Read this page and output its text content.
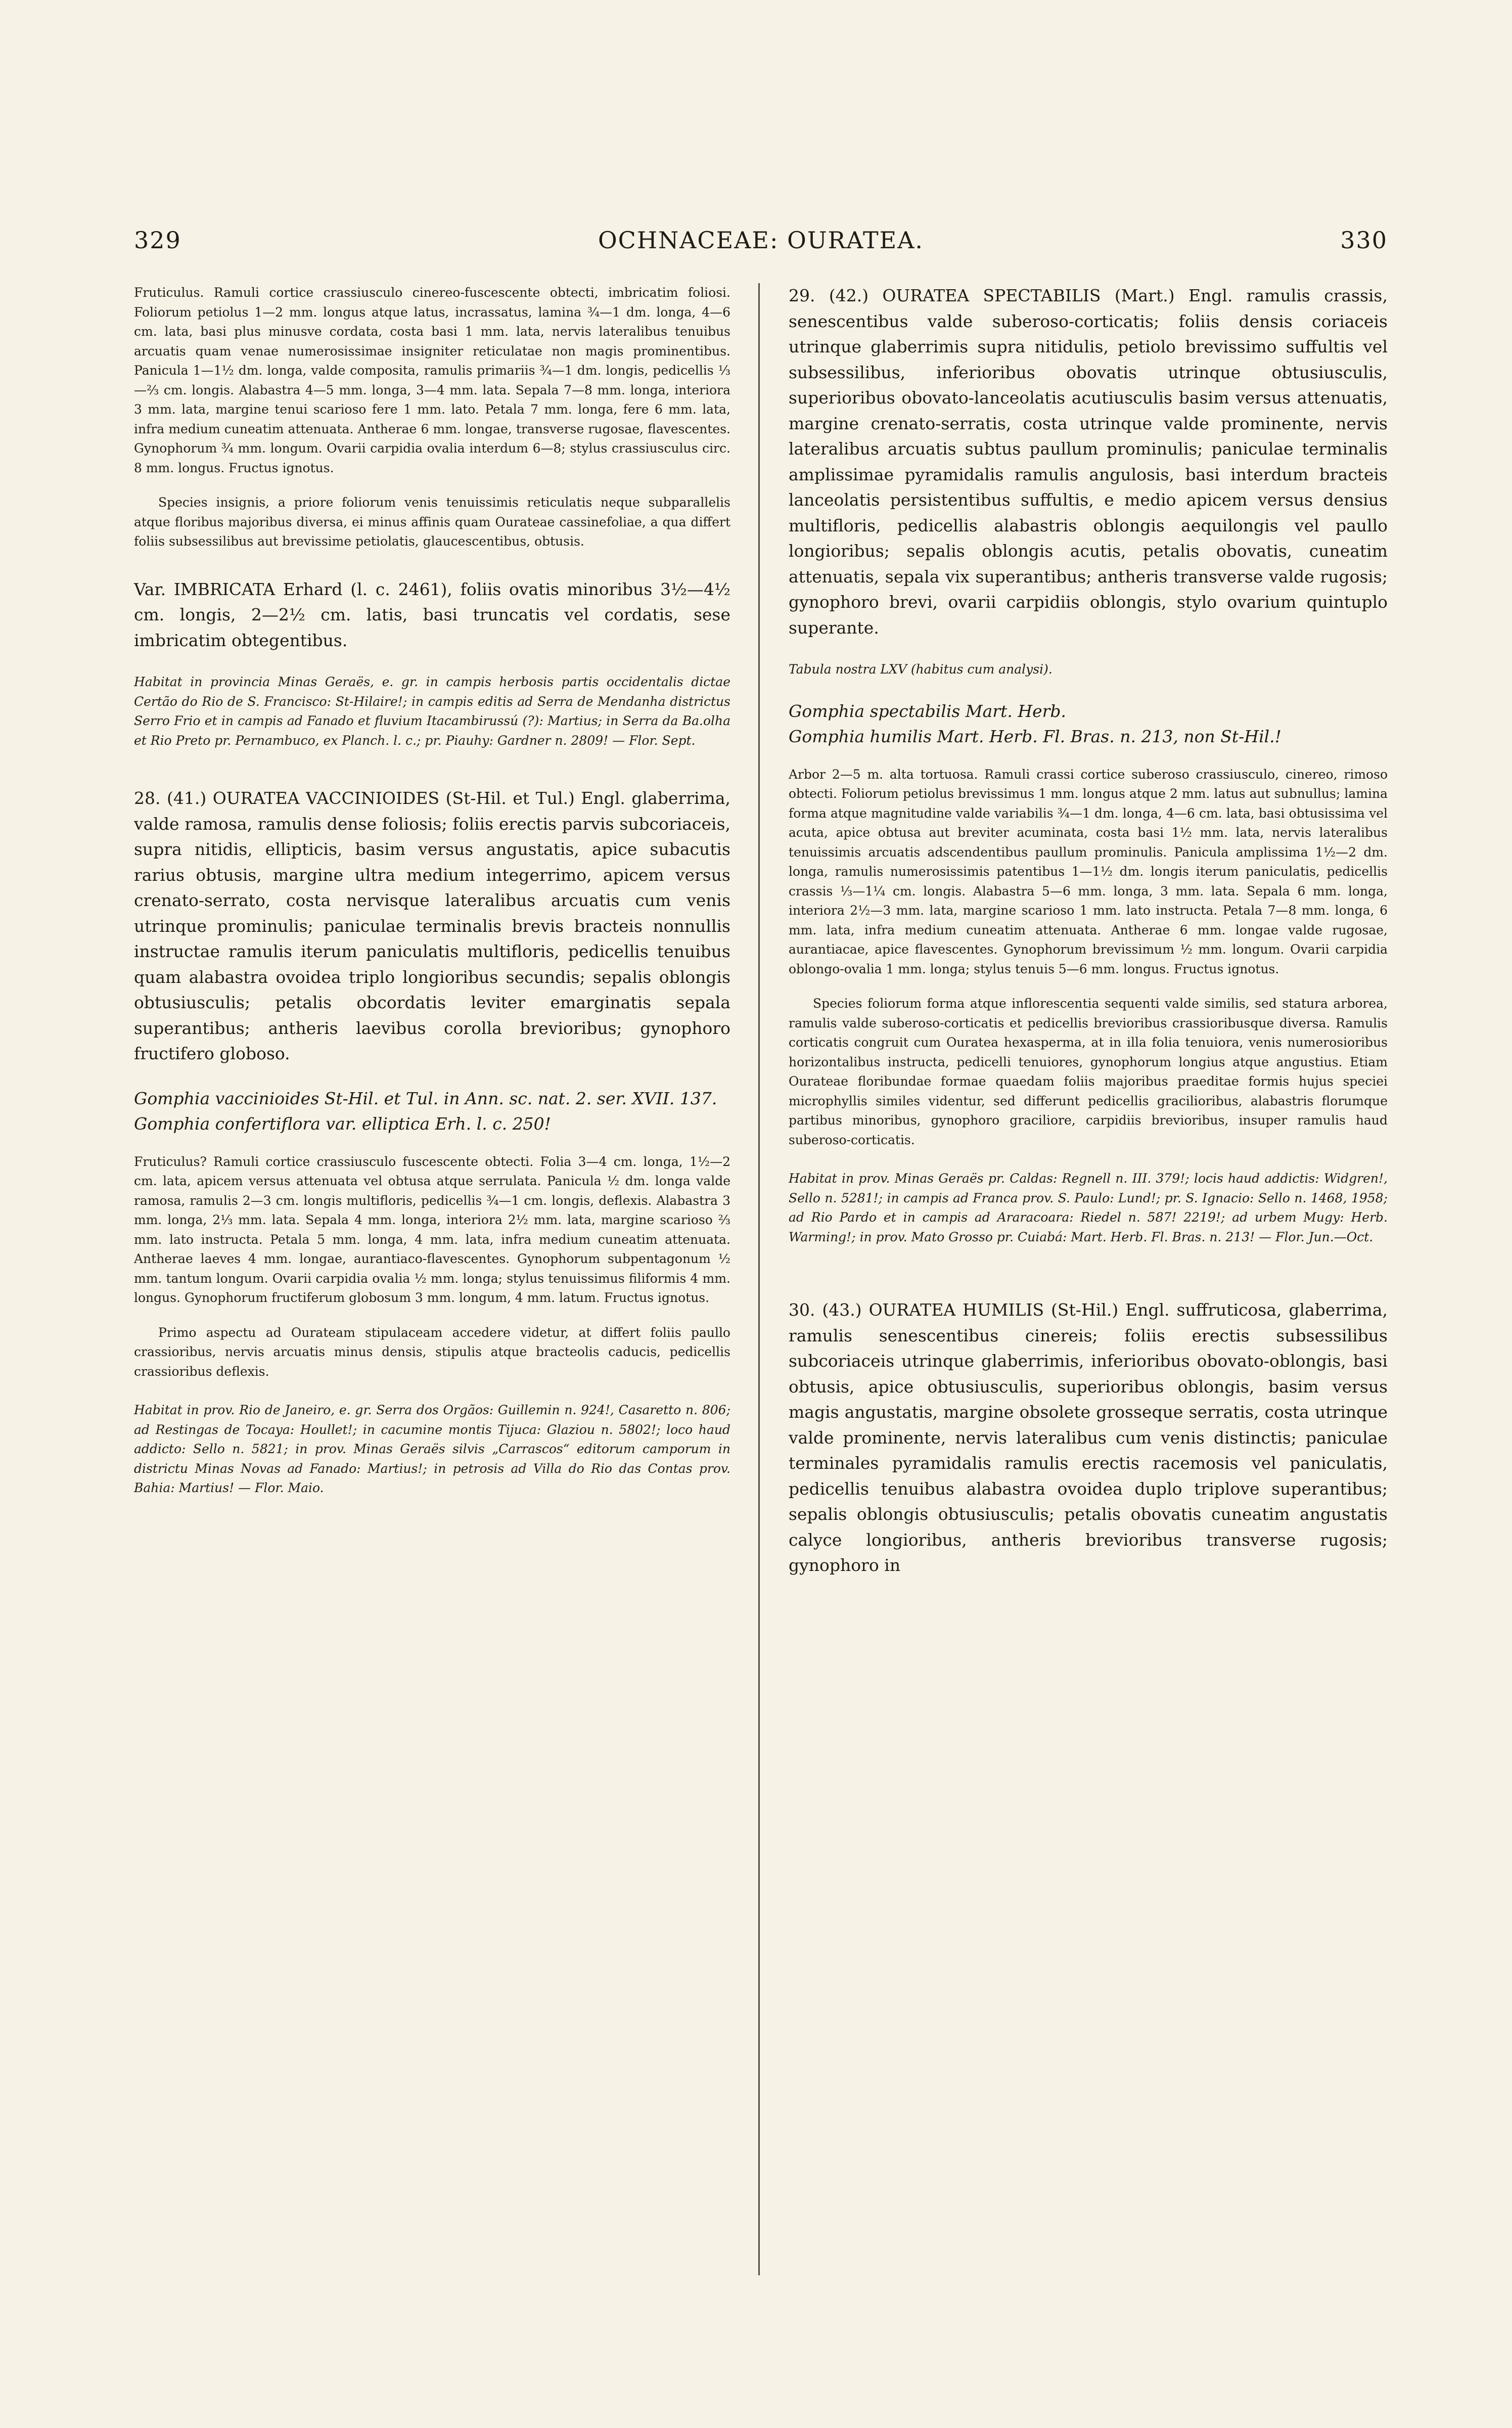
329	OCHNACEAE: OURATEA.	330

Fruticulus. Ramuli cortice crassiusculo cinereo-fuscescente obtecti, imbricatim foliosi. Foliorum petiolus 1—2 mm. longus atque latus, incrassatus, lamina ¾—1 dm. longa, 4—6 cm. lata, basi plus minusve cordata, costa basi 1 mm. lata, nervis lateralibus tenuibus arcuatis quam venae numerosissimae insigniter reticulatae non magis prominentibus. Panicula 1—1½ dm. longa, valde composita, ramulis primariis ¾—1 dm. longis, pedicellis ⅓—⅔ cm. longis. Alabastra 4—5 mm. longa, 3—4 mm. lata. Sepala 7—8 mm. longa, interiora 3 mm. lata, margine tenui scarioso fere 1 mm. lato. Petala 7 mm. longa, fere 6 mm. lata, infra medium cuneatim attenuata. Antherae 6 mm. longae, transverse rugosae, flavescentes. Gynophorum ¾ mm. longum. Ovarii carpidia ovalia interdum 6—8; stylus crassiusculus circ. 8 mm. longus. Fructus ignotus.

Species insignis, a priore foliorum venis tenuissimis reticulatis neque subparallelis atque floribus majoribus diversa, ei minus affinis quam Ourateae cassinefoliae, a qua differt foliis subsessilibus aut brevissime petiolatis, glaucescentibus, obtusis.

Var. IMBRICATA Erhard (l. c. 2461), foliis ovatis minoribus 3½—4½ cm. longis, 2—2½ cm. latis, basi truncatis vel cordatis, sese imbricatim obtegentibus.

Habitat in provincia Minas Geraës, e. gr. in campis herbosis partis occidentalis dictae Certão do Rio de S. Francisco: St-Hilaire!; in campis editis ad Serra de Mendanha districtus Serro Frio et in campis ad Fanado et fluvium Itacambirussú (?): Martius; in Serra da Ba.olha et Rio Preto pr. Pernambuco, ex Planch. l. c.; pr. Piauhy: Gardner n. 2809! — Flor. Sept.

28. (41.) OURATEA VACCINIOIDES (St-Hil. et Tul.) Engl. glaberrima, valde ramosa, ramulis dense foliosis; foliis erectis parvis subcoriaceis, supra nitidis, ellipticis, basim versus angustatis, apice subacutis rarius obtusis, margine ultra medium integerrimo, apicem versus crenato-serrato, costa nervisque lateralibus arcuatis cum venis utrinque prominulis; paniculae terminalis brevis bracteis nonnullis instructae ramulis iterum paniculatis multifloris, pedicellis tenuibus quam alabastra ovoidea triplo longioribus secundis; sepalis oblongis obtusiusculis; petalis obcordatis leviter emarginatis sepala superantibus; antheris laevibus corolla brevioribus; gynophoro fructifero globoso.

Gomphia vaccinioides St-Hil. et Tul. in Ann. sc. nat. 2. ser. XVII. 137.

Gomphia confertiflora var. elliptica Erh. l. c. 250!

Fruticulus? Ramuli cortice crassiusculo fuscescente obtecti. Folia 3—4 cm. longa, 1½—2 cm. lata, apicem versus attenuata vel obtusa atque serrulata. Panicula ½ dm. longa valde ramosa, ramulis 2—3 cm. longis multifloris, pedicellis ¾—1 cm. longis, deflexis. Alabastra 3 mm. longa, 2⅓ mm. lata. Sepala 4 mm. longa, interiora 2½ mm. lata, margine scarioso ⅔ mm. lato instructa. Petala 5 mm. longa, 4 mm. lata, infra medium cuneatim attenuata. Antherae laeves 4 mm. longae, aurantiaco-flavescentes. Gynophorum subpentagonum ½ mm. tantum longum. Ovarii carpidia ovalia ½ mm. longa; stylus tenuissimus filiformis 4 mm. longus. Gynophorum fructiferum globosum 3 mm. longum, 4 mm. latum. Fructus ignotus.

Primo aspectu ad Ourateam stipulaceam accedere videtur, at differt foliis paullo crassioribus, nervis arcuatis minus densis, stipulis atque bracteolis caducis, pedicellis crassioribus deflexis.

Habitat in prov. Rio de Janeiro, e. gr. Serra dos Orgãos: Guillemin n. 924!, Casaretto n. 806; ad Restingas de Tocaya: Houllet!; in cacumine montis Tijuca: Glaziou n. 5802!; loco haud addicto: Sello n. 5821; in prov. Minas Geraës silvis „Carrascos“ editorum camporum in districtu Minas Novas ad Fanado: Martius!; in petrosis ad Villa do Rio das Contas prov. Bahia: Martius! — Flor. Maio.

29. (42.) OURATEA SPECTABILIS (Mart.) Engl. ramulis crassis, senescentibus valde suberoso-corticatis; foliis densis coriaceis utrinque glaberrimis supra nitidulis, petiolo brevissimo suffultis vel subsessilibus, inferioribus obovatis utrinque obtusiusculis, superioribus obovato-lanceolatis acutiusculis basim versus attenuatis, margine crenato-serratis, costa utrinque valde prominente, nervis lateralibus arcuatis subtus paullum prominulis; paniculae terminalis amplissimae pyramidalis ramulis angulosis, basi interdum bracteis lanceolatis persistentibus suffultis, e medio apicem versus densius multifloris, pedicellis alabastris oblongis aequilongis vel paullo longioribus; sepalis oblongis acutis, petalis obovatis, cuneatim attenuatis, sepala vix superantibus; antheris transverse valde rugosis; gynophoro brevi, ovarii carpidiis oblongis, stylo ovarium quintuplo superante.

Tabula nostra LXV (habitus cum analysi).

Gomphia spectabilis Mart. Herb.

Gomphia humilis Mart. Herb. Fl. Bras. n. 213, non St-Hil.!

Arbor 2—5 m. alta tortuosa. Ramuli crassi cortice suberoso crassiusculo, cinereo, rimoso obtecti. Foliorum petiolus brevissimus 1 mm. longus atque 2 mm. latus aut subnullus; lamina forma atque magnitudine valde variabilis ¾—1 dm. longa, 4—6 cm. lata, basi obtusissima vel acuta, apice obtusa aut breviter acuminata, costa basi 1½ mm. lata, nervis lateralibus tenuissimis arcuatis adscendentibus paullum prominulis. Panicula amplissima 1½—2 dm. longa, ramulis numerosissimis patentibus 1—1½ dm. longis iterum paniculatis, pedicellis crassis ⅓—1¼ cm. longis. Alabastra 5—6 mm. longa, 3 mm. lata. Sepala 6 mm. longa, interiora 2½—3 mm. lata, margine scarioso 1 mm. lato instructa. Petala 7—8 mm. longa, 6 mm. lata, infra medium cuneatim attenuata. Antherae 6 mm. longae valde rugosae, aurantiacae, apice flavescentes. Gynophorum brevissimum ½ mm. longum. Ovarii carpidia oblongo-ovalia 1 mm. longa; stylus tenuis 5—6 mm. longus. Fructus ignotus.

Species foliorum forma atque inflorescentia sequenti valde similis, sed statura arborea, ramulis valde suberoso-corticatis et pedicellis brevioribus crassioribusque diversa. Ramulis corticatis congruit cum Ouratea hexasperma, at in illa folia tenuiora, venis numerosioribus horizontalibus instructa, pedicelli tenuiores, gynophorum longius atque angustius. Etiam Ourateae floribundae formae quaedam foliis majoribus praeditae formis hujus speciei microphyllis similes videntur, sed differunt pedicellis gracilioribus, alabastris florumque partibus minoribus, gynophoro graciliore, carpidiis brevioribus, insuper ramulis haud suberoso-corticatis.

Habitat in prov. Minas Geraës pr. Caldas: Regnell n. III. 379!; locis haud addictis: Widgren!, Sello n. 5281!; in campis ad Franca prov. S. Paulo: Lund!; pr. S. Ignacio: Sello n. 1468, 1958; ad Rio Pardo et in campis ad Araracoara: Riedel n. 587! 2219!; ad urbem Mugy: Herb. Warming!; in prov. Mato Grosso pr. Cuiabá: Mart. Herb. Fl. Bras. n. 213! — Flor. Jun.—Oct.

30. (43.) OURATEA HUMILIS (St-Hil.) Engl. suffruticosa, glaberrima, ramulis senescentibus cinereis; foliis erectis subsessilibus subcoriaceis utrinque glaberrimis, inferioribus obovato-oblongis, basi obtusis, apice obtusiusculis, superioribus oblongis, basim versus magis angustatis, margine obsolete grosseque serratis, costa utrinque valde prominente, nervis lateralibus cum venis distinctis; paniculae terminales pyramidalis ramulis erectis racemosis vel paniculatis, pedicellis tenuibus alabastra ovoidea duplo triplove superantibus; sepalis oblongis obtusiusculis; petalis obovatis cuneatim angustatis calyce longioribus, antheris brevioribus transverse rugosis; gynophoro in
